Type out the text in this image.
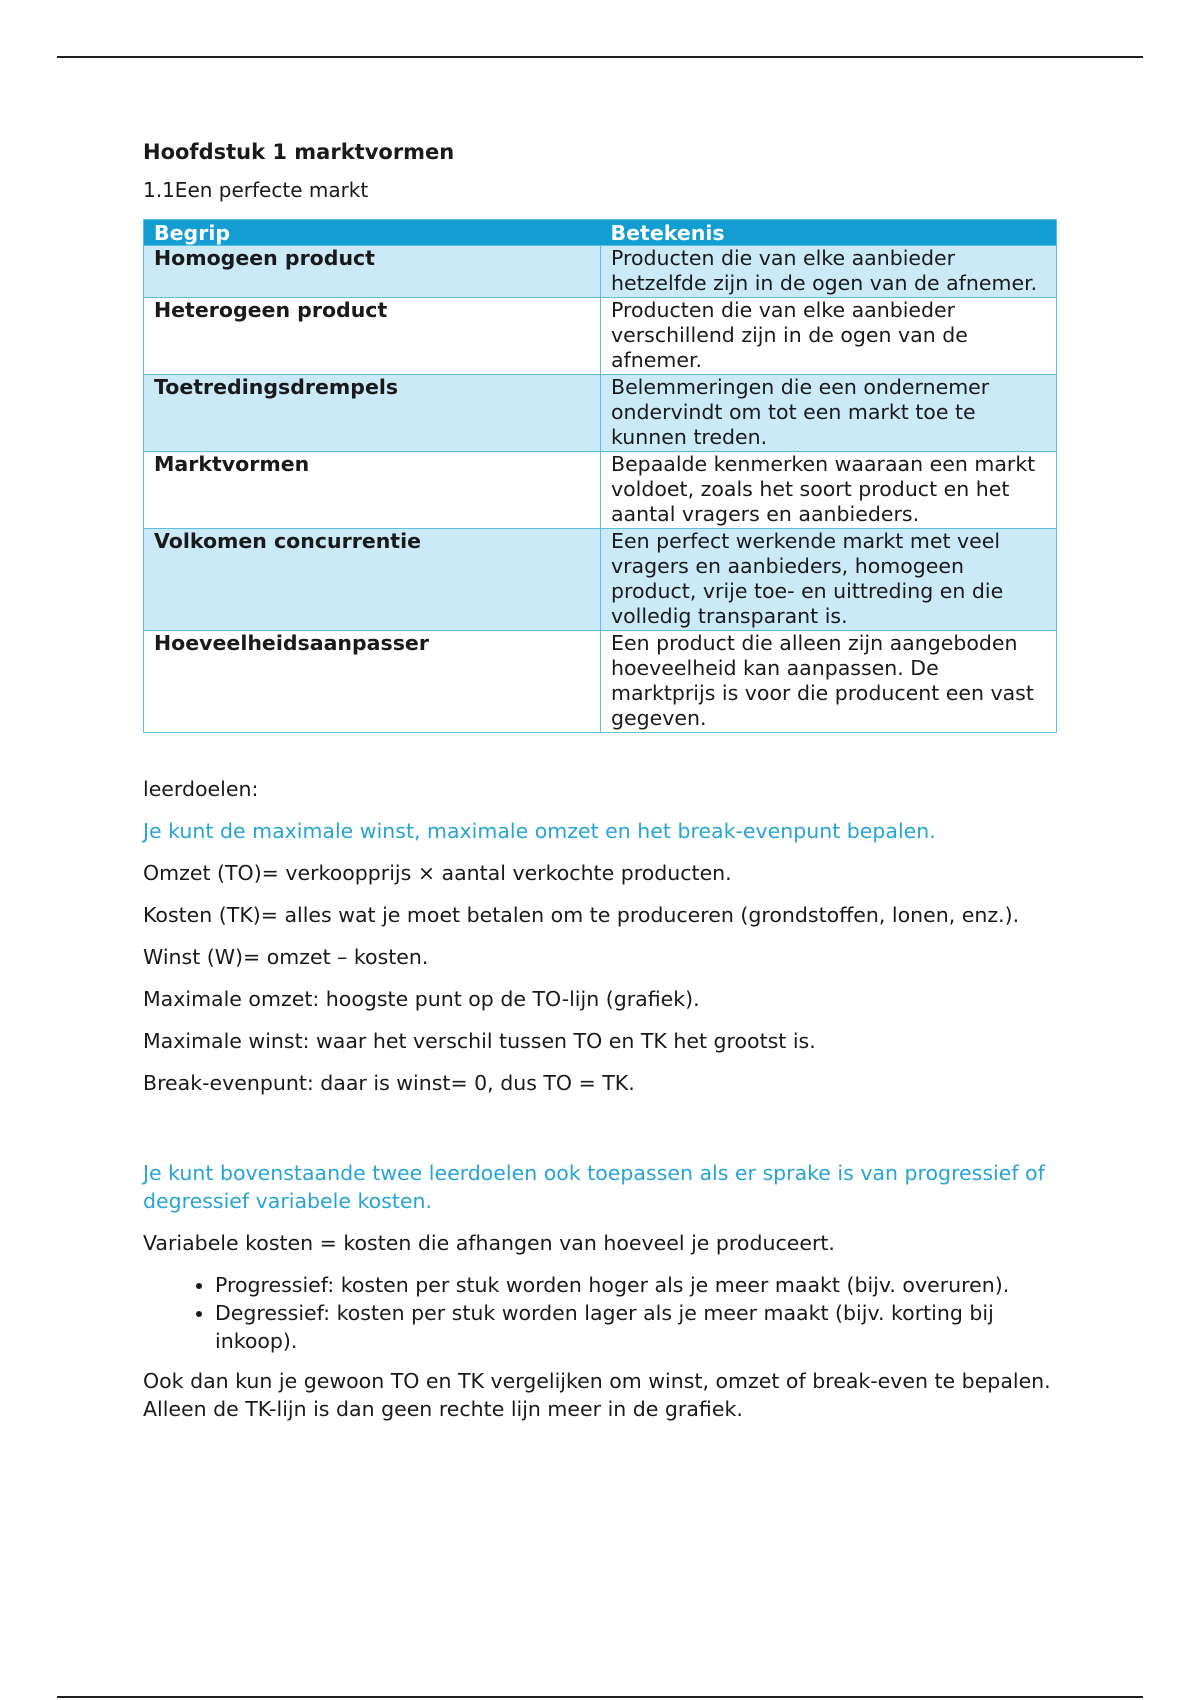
Hoofdstuk 1 marktvormen
1.1Een perfecte markt
Begrip	Betekenis
Homogeen product	Producten die van elke aanbieder hetzelfde zijn in de ogen van de afnemer.
Heterogeen product	Producten die van elke aanbieder verschillend zijn in de ogen van de afnemer.
Toetredingsdrempels	Belemmeringen die een ondernemer ondervindt om tot een markt toe te kunnen treden.
Marktvormen	Bepaalde kenmerken waaraan een markt voldoet, zoals het soort product en het aantal vragers en aanbieders.
Volkomen concurrentie	Een perfect werkende markt met veel vragers en aanbieders, homogeen product, vrije toe- en uittreding en die volledig transparant is.
Hoeveelheidsaanpasser	Een product die alleen zijn aangeboden hoeveelheid kan aanpassen. De marktprijs is voor die producent een vast gegeven.

leerdoelen:

Je kunt de maximale winst, maximale omzet en het break-evenpunt bepalen.

Omzet (TO)= verkoopprijs × aantal verkochte producten.

Kosten (TK)= alles wat je moet betalen om te produceren (grondstoffen, lonen, enz.).

Winst (W)= omzet – kosten.

Maximale omzet: hoogste punt op de TO-lijn (grafiek).

Maximale winst: waar het verschil tussen TO en TK het grootst is.

Break-evenpunt: daar is winst= 0, dus TO = TK.

Je kunt bovenstaande twee leerdoelen ook toepassen als er sprake is van progressief of degressief variabele kosten.

Variabele kosten = kosten die afhangen van hoeveel je produceert.

• Progressief: kosten per stuk worden hoger als je meer maakt (bijv. overuren).
• Degressief: kosten per stuk worden lager als je meer maakt (bijv. korting bij inkoop).

Ook dan kun je gewoon TO en TK vergelijken om winst, omzet of break-even te bepalen. Alleen de TK-lijn is dan geen rechte lijn meer in de grafiek.
